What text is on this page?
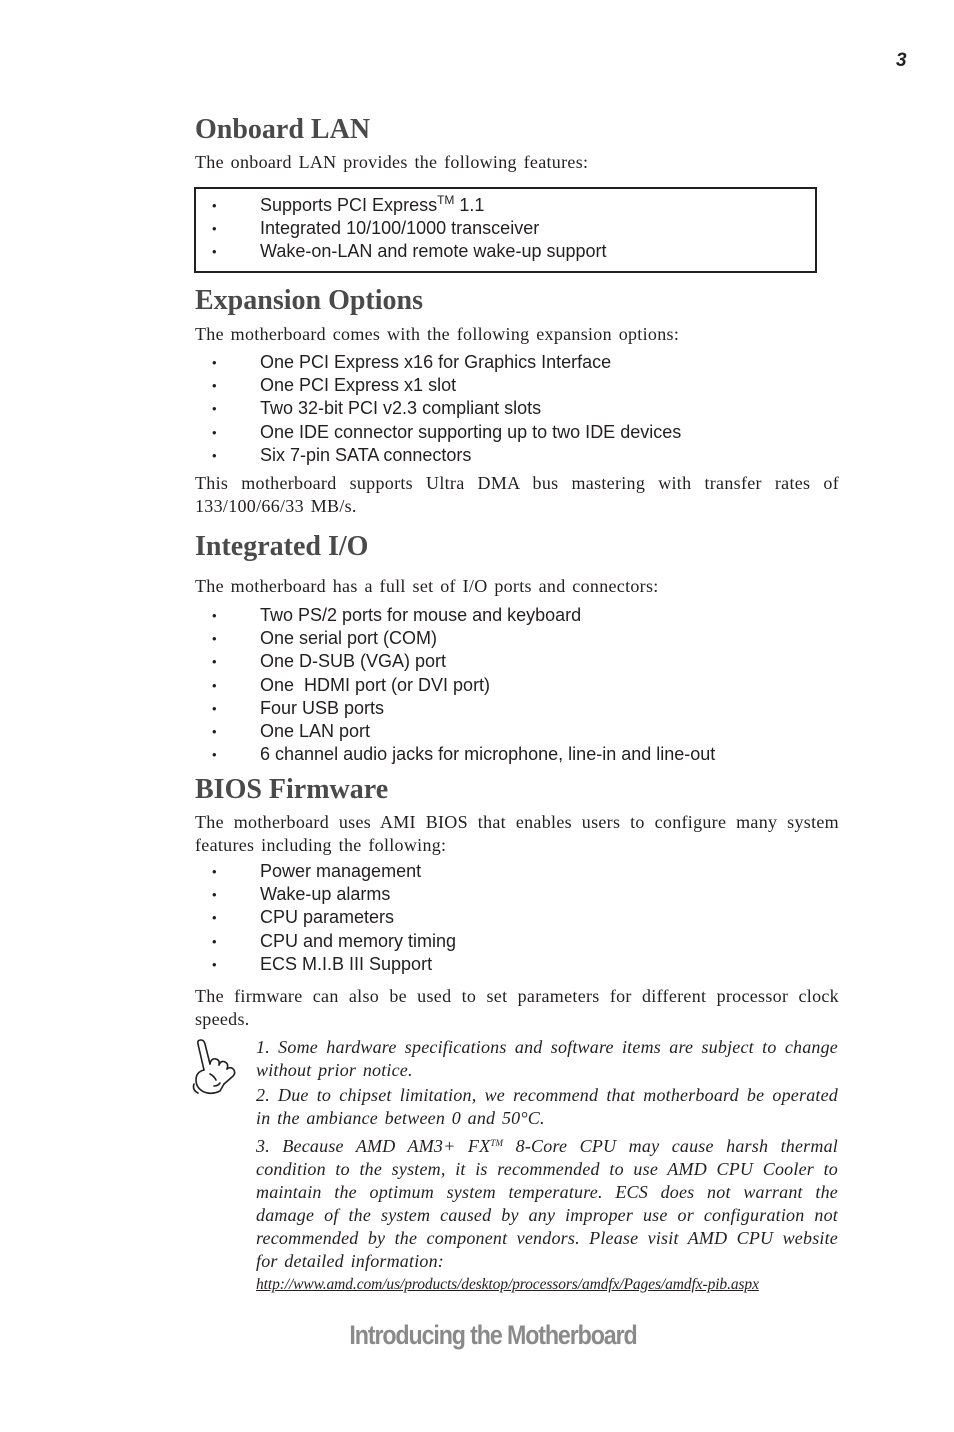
3
Onboard LAN

The onboard LAN provides the following features:

• Supports PCI Express™ 1.1
• Integrated 10/100/1000 transceiver
• Wake-on-LAN and remote wake-up support
Expansion Options

The motherboard comes with the following expansion options:

• One PCI Express x16 for Graphics Interface
• One PCI Express x1 slot
• Two 32-bit PCI v2.3 compliant slots
• One IDE connector supporting up to two IDE devices
• Six 7-pin SATA connectors

This motherboard supports Ultra DMA bus mastering with transfer rates of 133/100/66/33 MB/s.

Integrated I/O

The motherboard has a full set of I/O ports and connectors:

• Two PS/2 ports for mouse and keyboard
• One serial port (COM)
• One D-SUB (VGA) port
• One  HDMI port (or DVI port)
• Four USB ports
• One LAN port
• 6 channel audio jacks for microphone, line-in and line-out
BIOS Firmware

The motherboard uses AMI BIOS that enables users to configure many system features including the following:

• Power management
• Wake-up alarms
• CPU parameters
• CPU and memory timing
• ECS M.I.B III Support

The firmware can also be used to set parameters for different processor clock speeds.

1. Some hardware specifications and software items are subject to change without prior notice.

2. Due to chipset limitation, we recommend that motherboard be operated in the ambiance between 0 and 50°C.

3. Because AMD AM3+ FX™ 8-Core CPU may cause harsh thermal condition to the system, it is recommended to use AMD CPU Cooler to maintain the optimum system temperature. ECS does not warrant the damage of the system caused by any improper use or configuration not recommended by the component vendors. Please visit AMD CPU website for detailed information:

http://www.amd.com/us/products/desktop/processors/amdfx/Pages/amdfx-pib.aspx
Introducing the Motherboard
